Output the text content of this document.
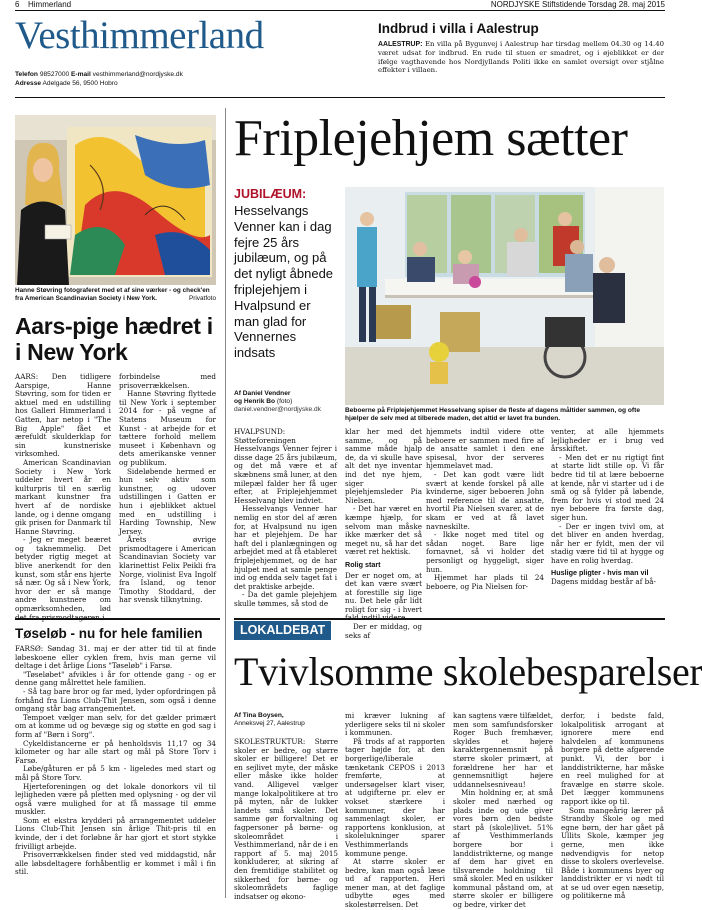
6 Himmerland	NORDJYSKE Stiftstidende Torsdag 28. maj 2015
Vesthimmerland
Telefon 98527000 E-mail vesthimmerland@nordjyske.dk
Adresse Adelgade 56, 9500 Hobro
Indbrud i villa i Aalestrup
AALESTRUP: En villa på Bygunvej i Aalestrup har tirsdag mellem 04.30 og 14.40 været udsat for indbrud. En rude til stuen er smadret, og i øjeblikket er der ifølge vagthavende hos Nordjyllands Politi ikke en samlet oversigt over stjålne effekter i villaen.
Hanne Støvring fotograferet med et af sine værker - og check'en fra American Scandinavian Society i New York.	Privatfoto
Aars-pige hædret i i New York

AARS: Den tidligere Aarspige, Hanne Støvring, som for tiden er aktuel med en udstilling hos Galleri Himmerland i Gatten, har netop i "The Big Apple" fået et ærefuldt skulderklap for sin kunstneriske virksomhed.

American Scandinavian Society i New York uddeler hvert år en kulturpris til en særlig markant kunstner fra hvert af de nordiske lande, og i denne omgang gik prisen for Danmark til Hanne Støvring.

- Jeg er meget beæret og taknemmelig. Det betyder rigtig meget at blive anerkendt for den kunst, som står ens hjerte så nær. Og så i New York, hvor der er så mange andre kunstnere om opmærksomheden, lød

forbindelse med prisoverrækkelsen.

Hanne Støvring flyttede til New York i september 2014 for - på vegne af Statens Museum for Kunst - at arbejde for et tættere forhold mellem museet i København og dets amerikanske venner og publikum.

Sideløbende hermed er hun selv aktiv som kunstner, og udover udstillingen i Gatten er hun i øjeblikket aktuel med en udstilling i Harding Township, New Jersey.

Årets øvrige prismodtagere i American Scandinavian Society var klarinettist Felix Peikli fra Norge, violinist Eva Ingolf fra Island, og tenor Timothy Stoddard, der har svensk tilknytning.

Tøseløb - nu for hele familien

FARSØ: Søndag 31. maj er der atter tid til at finde løbeskoene eller cyklen frem, hvis man gerne vil deltage i det årlige Lions "Tøseløb" i Farsø.

"Tøseløbet" afvikles i år for ottende gang - og er denne gang målrettet hele familien.

- Så tag bare bror og far med, lyder opfordringen på forhånd fra Lions Club-Thit Jensen, som også i denne omgang står bag arrangementet.

Tempoet vælger man selv, for det gælder primært om at komme ud og bevæge sig og støtte en god sag i form af "Børn i Sorg".

Cykeldistancerne er på henholdsvis 11,17 og 34 kilometer og har alle start og mål på Store Torv i Farsø.

Løbe/gåturen er på 5 km - ligeledes med start og mål på Store Torv.

Hjerteforeningen og det lokale donorkors vil til lejligheden være på pletten med oplysning - og der vil også være mulighed for at få massage til ømme muskler.

Som et ekstra krydderi på arrangementet uddeler Lions Club-Thit Jensen sin årlige Thit-pris til en kvinde, der i det forløbne år har gjort et stort stykke frivilligt arbejde.

Prisoverrækkelsen finder sted ved middagstid, når alle løbsdeltagere forhåbentlig er kommet i mål i fin stil.

Friplejehjem sætter
JUBILÆUM:
Hesselvangs Venner kan i dag fejre 25 års jubilæum, og på det nyligt åbnede friplejehjem i Hvalpsund er man glad for Vennernes indsats
Af Daniel Vendner
og Henrik Bo (foto)
daniel.vendner@nordjyske.dk	Beboerne på Friplejehjemmet Hesselvang spiser de fleste af dagens måltider sammen, og ofte hjælper de selv med at tilberede maden, det altid er lavet fra bunden.

HVALPSUND: Støtteforeningen Hesselvangs Venner fejrer i disse dage 25 års jubilæum, og det må være et af skæbnens små luner, at den milepæl falder her få uger efter, at Friplejehjemmet Hesselvang blev indviet.

Hesselvangs Venner har nemlig en stor del af æren for, at Hvalpsund nu igen har et plejehjem. De har haft del i planlægningen og arbejdet med at få etableret friplejehjemmet, og de har hjulpet med at samle penge ind og endda selv taget fat i det praktiske arbejde.

- Da det gamle plejehjem skulle tømmes, så stod de

klar her med det samme, og på samme måde hjalp de, da vi skulle have alt det nye inventar ind det nye hjem, siger plejehjemsleder Pia Nielsen.

- Det har været en kæmpe hjælp, for selvom man måske ikke mærker det så meget nu, så har det været ret hektisk.

Rolig start

Der er noget om, at det kan være svært at forestille sig lige nu. Det hele går lidt roligt for sig - i hvert

Der er middag, og seks af

hjemmets indtil videre otte beboere er sammen med fire af de ansatte samlet i den ene spisesal, hvor der serveres hjemmelavet mad.

- Det kan godt være lidt svært at kende forskel på alle kvinderne, siger beboeren John med reference til de ansatte, hvortil Pia Nielsen svarer, at de skam er ved at få lavet navneskilte.

- Ikke noget med titel og sådan noget. Bare lige fornavnet, så vi holder det personligt og hyggeligt, siger hun.

Hjemmet har plads til 24 beboere, og Pia Nielsen for-

venter, at alle hjemmets lejligheder er i brug ved årsskiftet.

- Men det er nu rigtigt fint at starte lidt stille op. Vi får bedre tid til at lære beboerne at kende, når vi starter ud i de små og så fylder på løbende, frem for hvis vi stod med 24 nye beboere fra første dag, siger hun.

- Der er ingen tvivl om, at det bliver en anden hverdag, når her er fyldt, men der vil stadig være tid til at hygge og have en rolig hverdag.

Huslige pligter - hvis man vil

Dagens middag består af bå-

LOKALDEBAT
Tvivlsomme skolebesparelser
Af Tina Boysen,
Anneksvej 27, Aalestrup

SKOLESTRUKTUR: Større skoler er bedre, og større skoler er billigere! Det er en sejlivet myte, der måske eller måske ikke holder vand. Alligevel vælger mange lokalpolitikere at tro på myten, når de lukker landets små skoler. Det samme gør forvaltning og fagpersoner på børne- og skoleområdet i Vesthimmerland, når de i en rapport af 5. maj 2015 konkluderer, at sikring af den fremtidige stabilitet og sikkerhed for børne- og skoleområdets faglige indsatser og økono-

mi kræver lukning af yderligere seks til ni skoler i kommunen.

På trods af at rapporten tager højde for, at den borgerlige/liberale tænketank CEPOS i 2013 fremførte, at undersøgelser klart viser, at udgifterne pr. elev er vokset stærkere i kommuner, der har sammenlagt skoler, er rapportens konklusion, at skolelukninger sparer Vesthimmerlands kommune penge.

At større skoler er bedre, kan man også læse ud af rapporten. Heri mener man, at det faglige udbytte øges med skolestørrelsen. Det

kan sagtens være tilfældet, men som samfundsforsker Roger Buch fremhæver, skyldes et højere karaktergennemsnit på større skoler primært, at forældrene her har et gennemsnitligt højere uddannelsesniveau!

Min holdning er, at små skoler med nærhed og plads inde og ude giver vores børn den bedste start på (skole)livet. 51% af Vesthimmerlands borgere bor i landdistrikterne, og mange af dem har givet en tilsvarende holdning til små skoler. Med en usikker kommunal påstand om, at større skoler er billigere og bedre, virker det

derfor, i bedste fald, lokalpolitisk arrogant at ignorere mere end halvdelen af kommunens borgere på dette afgørende punkt. Vi, der bor i landdistrikterne, har måske en reel mulighed for at fravælge en større skole. Det lægger kommunens rapport ikke op til.

Som mangeårig lærer på Strandby Skole og med egne børn, der har gået på Ullits Skole, kæmper jeg gerne, men ikke nødvendigvis for netop disse to skolers overlevelse. Både i kommunens byer og landdistrikter er vi nødt til at se ud over egen næsetip, og politikerne må
